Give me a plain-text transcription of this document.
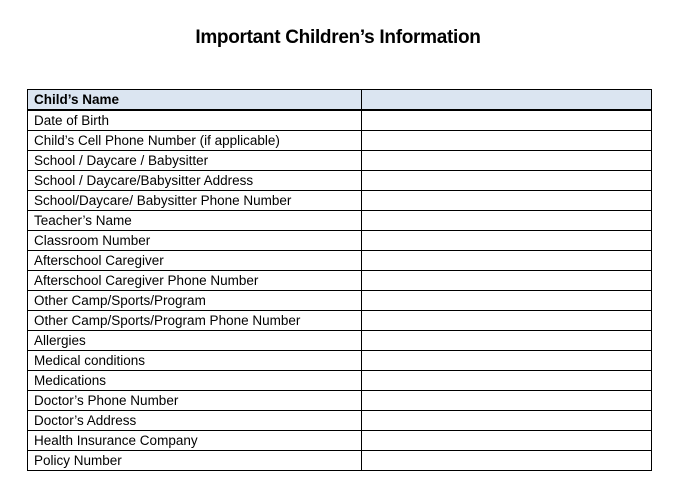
Important Children’s Information
Child’s Name	
Date of Birth	
Child’s Cell Phone Number (if applicable)	
School / Daycare / Babysitter	
School / Daycare/Babysitter Address	
School/Daycare/ Babysitter Phone Number	
Teacher’s Name	
Classroom Number	
Afterschool Caregiver	
Afterschool Caregiver Phone Number	
Other Camp/Sports/Program	
Other Camp/Sports/Program Phone Number	
Allergies	
Medical conditions	
Medications	
Doctor’s Phone Number	
Doctor’s Address	
Health Insurance Company	
Policy Number	
